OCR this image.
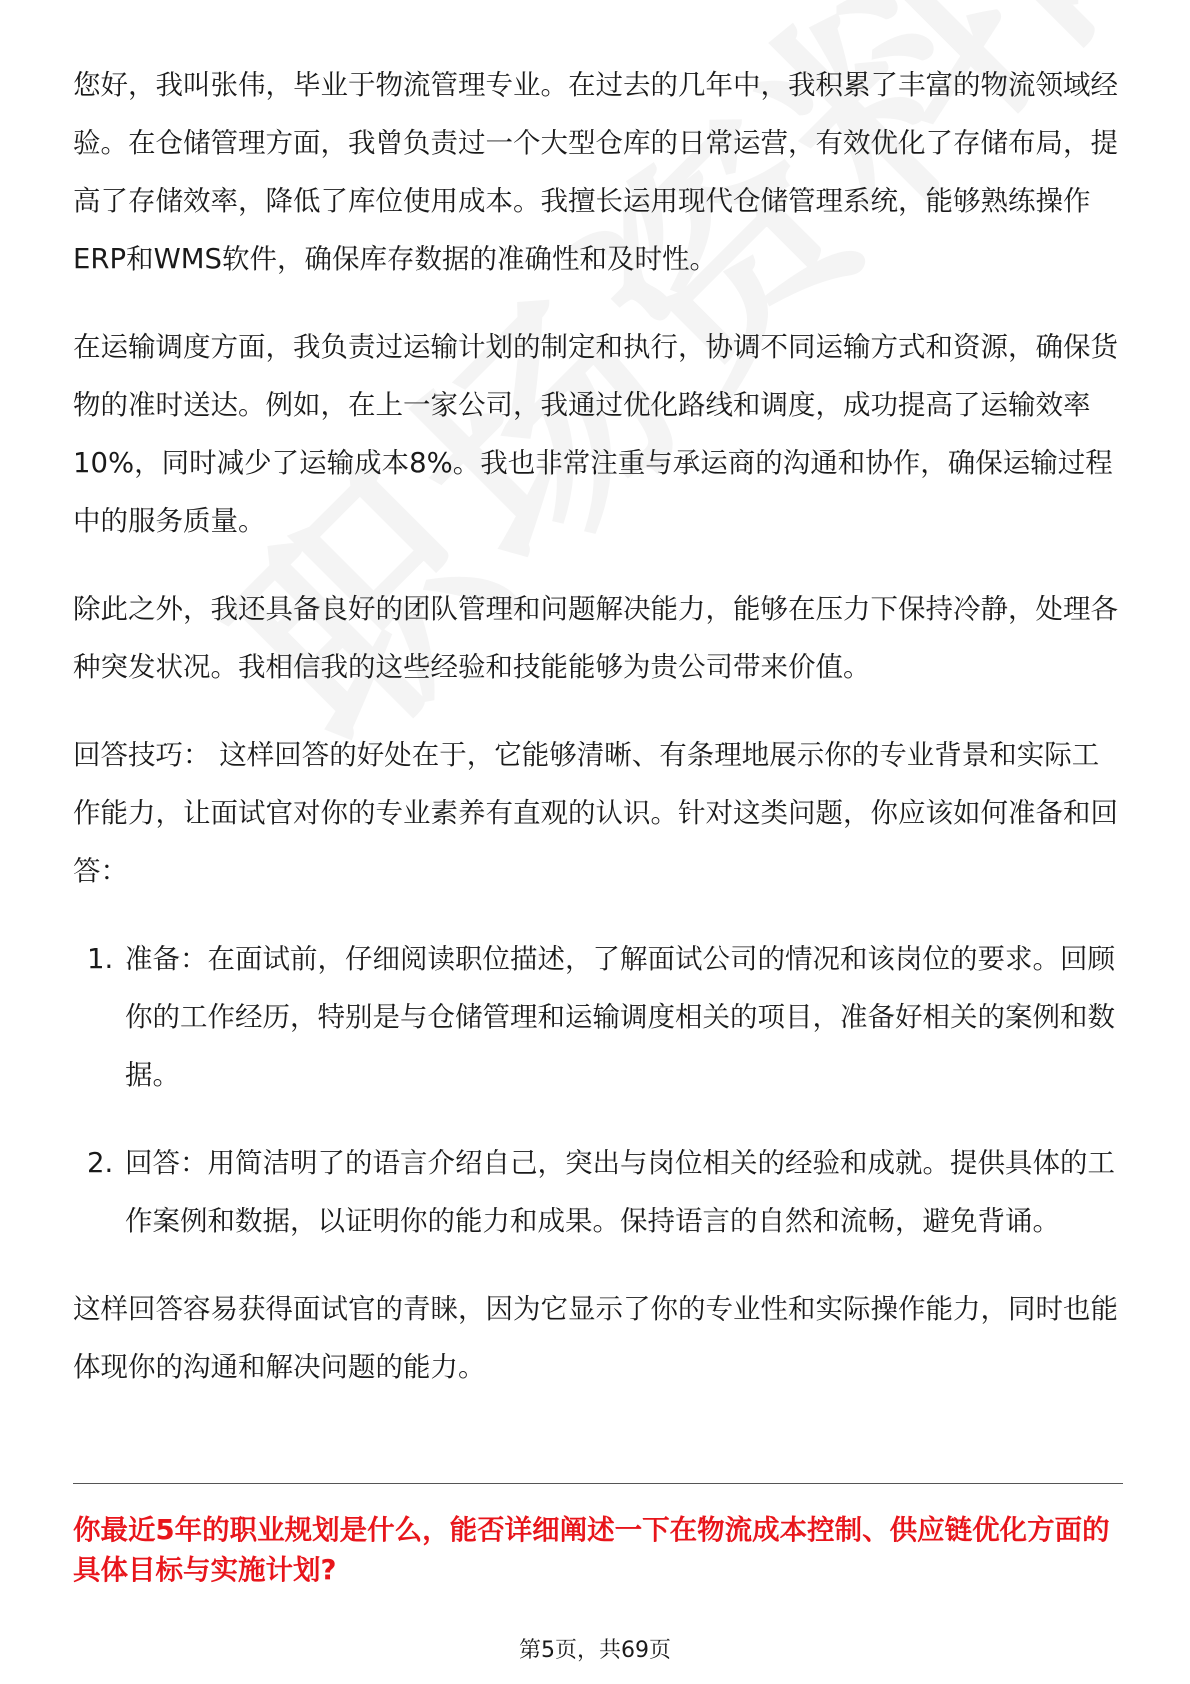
您好，我叫张伟，毕业于物流管理专业。在过去的几年中，我积累了丰富的物流领域经验。在仓储管理方面，我曾负责过一个大型仓库的日常运营，有效优化了存储布局，提高了存储效率，降低了库位使用成本。我擅长运用现代仓储管理系统，能够熟练操作ERP和WMS软件，确保库存数据的准确性和及时性。

在运输调度方面，我负责过运输计划的制定和执行，协调不同运输方式和资源，确保货物的准时送达。例如，在上一家公司，我通过优化路线和调度，成功提高了运输效率10%，同时减少了运输成本8%。我也非常注重与承运商的沟通和协作，确保运输过程中的服务质量。

除此之外，我还具备良好的团队管理和问题解决能力，能够在压力下保持冷静，处理各种突发状况。我相信我的这些经验和技能能够为贵公司带来价值。

回答技巧： 这样回答的好处在于，它能够清晰、有条理地展示你的专业背景和实际工作能力，让面试官对你的专业素养有直观的认识。针对这类问题，你应该如何准备和回答：

1. 准备：在面试前，仔细阅读职位描述，了解面试公司的情况和该岗位的要求。回顾你的工作经历，特别是与仓储管理和运输调度相关的项目，准备好相关的案例和数据。
2. 回答：用简洁明了的语言介绍自己，突出与岗位相关的经验和成就。提供具体的工作案例和数据，以证明你的能力和成果。保持语言的自然和流畅，避免背诵。

这样回答容易获得面试官的青睐，因为它显示了你的专业性和实际操作能力，同时也能体现你的沟通和解决问题的能力。

你最近5年的职业规划是什么，能否详细阐述一下在物流成本控制、供应链优化方面的具体目标与实施计划?
第5页，共69页
